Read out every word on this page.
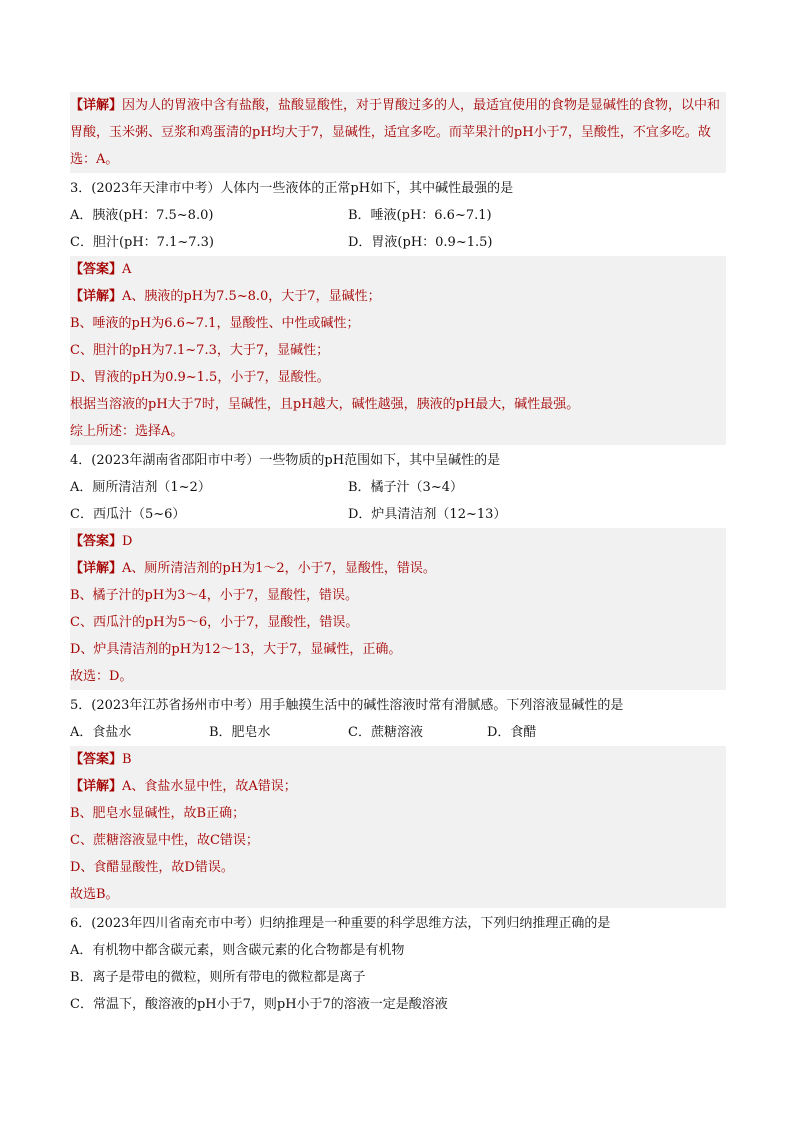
【详解】因为人的胃液中含有盐酸，盐酸显酸性，对于胃酸过多的人，最适宜使用的食物是显碱性的食物，以中和胃酸，玉米粥、豆浆和鸡蛋清的pH均大于7，显碱性，适宜多吃。而苹果汁的pH小于7，呈酸性，不宜多吃。故选：A。
3．(2023年天津市中考）人体内一些液体的正常pH如下，其中碱性最强的是
A．胰液(pH：7.5~8.0)	B．唾液(pH：6.6~7.1)
C．胆汁(pH：7.1~7.3)	D．胃液(pH：0.9~1.5)
【答案】A
【详解】A、胰液的pH为7.5~8.0，大于7，显碱性；
B、唾液的pH为6.6~7.1，显酸性、中性或碱性；
C、胆汁的pH为7.1~7.3，大于7，显碱性；
D、胃液的pH为0.9~1.5，小于7，显酸性。
根据当溶液的pH大于7时，呈碱性，且pH越大，碱性越强，胰液的pH最大，碱性最强。
综上所述：选择A。
4．(2023年湖南省邵阳市中考）一些物质的pH范围如下，其中呈碱性的是
A．厕所清洁剂（1~2）	B．橘子汁（3~4）
C．西瓜汁（5~6）	D．炉具清洁剂（12~13）
【答案】D
【详解】A、厕所清洁剂的pH为1～2，小于7，显酸性，错误。
B、橘子汁的pH为3～4，小于7，显酸性，错误。
C、西瓜汁的pH为5～6，小于7，显酸性，错误。
D、炉具清洁剂的pH为12～13，大于7，显碱性，正确。
故选：D。
5．(2023年江苏省扬州市中考）用手触摸生活中的碱性溶液时常有滑腻感。下列溶液显碱性的是
A．食盐水	B．肥皂水	C．蔗糖溶液	D．食醋
【答案】B
【详解】A、食盐水显中性，故A错误；
B、肥皂水显碱性，故B正确；
C、蔗糖溶液显中性，故C错误；
D、食醋显酸性，故D错误。
故选B。
6．(2023年四川省南充市中考）归纳推理是一种重要的科学思维方法，下列归纳推理正确的是
A．有机物中都含碳元素，则含碳元素的化合物都是有机物
B．离子是带电的微粒，则所有带电的微粒都是离子
C．常温下，酸溶液的pH小于7，则pH小于7的溶液一定是酸溶液
